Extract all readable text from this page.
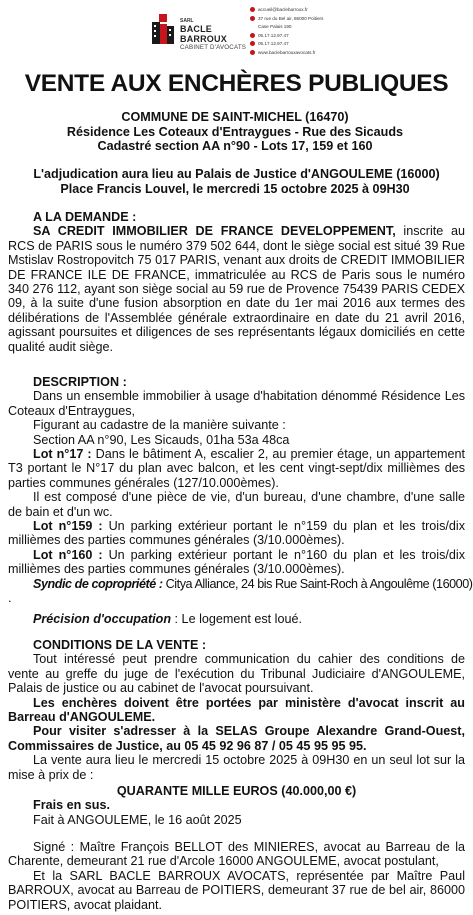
SARL
BACLE BARROUX
CABINET D'AVOCATS
accueil@baclebarroux.fr
37 rue du Bel air, 86000 Poitiers
Case Palais 190
05.17.12.97.47
05.17.12.97.47
www.baclebarrouxavocats.fr
VENTE AUX ENCHÈRES PUBLIQUES
COMMUNE DE SAINT-MICHEL (16470)
Résidence Les Coteaux d'Entraygues - Rue des Sicauds
Cadastré section AA n°90 - Lots 17, 159 et 160
L'adjudication aura lieu au Palais de Justice d'ANGOULEME (16000)
Place Francis Louvel, le mercredi 15 octobre 2025 à 09H30

A LA DEMANDE :

SA CREDIT IMMOBILIER DE FRANCE DEVELOPPEMENT, inscrite au RCS de PARIS sous le numéro 379 502 644, dont le siège social est situé 39 Rue Mstislav Rostropovitch 75 017 PARIS, venant aux droits de CREDIT IMMOBILIER DE FRANCE ILE DE FRANCE, immatriculée au RCS de Paris sous le numéro 340 276 112, ayant son siège social au 59 rue de Provence 75439 PARIS CEDEX 09, à la suite d'une fusion absorption en date du 1er mai 2016 aux termes des délibérations de l'Assemblée générale extraordinaire en date du 21 avril 2016, agissant poursuites et diligences de ses représentants légaux domiciliés en cette qualité audit siège.

DESCRIPTION :

Dans un ensemble immobilier à usage d'habitation dénommé Résidence Les Coteaux d'Entraygues,

Figurant au cadastre de la manière suivante :

Section AA n°90, Les Sicauds, 01ha 53a 48ca

Lot n°17 : Dans le bâtiment A, escalier 2, au premier étage, un appartement T3 portant le N°17 du plan avec balcon, et les cent vingt-sept/dix millièmes des parties communes générales (127/10.000èmes).

Il est composé d'une pièce de vie, d'un bureau, d'une chambre, d'une salle de bain et d'un wc.

Lot n°159 : Un parking extérieur portant le n°159 du plan et les trois/dix millièmes des parties communes générales (3/10.000èmes).

Lot n°160 : Un parking extérieur portant le n°160 du plan et les trois/dix millièmes des parties communes générales (3/10.000èmes).

Syndic de copropriété : Citya Alliance, 24 bis Rue Saint-Roch à Angoulême (16000)

.

Précision d'occupation : Le logement est loué.

CONDITIONS DE LA VENTE :

Tout intéressé peut prendre communication du cahier des conditions de vente au greffe du juge de l'exécution du Tribunal Judiciaire d'ANGOULEME, Palais de justice ou au cabinet de l'avocat poursuivant.

Les enchères doivent être portées par ministère d'avocat inscrit au Barreau d'ANGOULEME.

Pour visiter s'adresser à la SELAS Groupe Alexandre Grand-Ouest, Commissaires de Justice, au 05 45 92 96 87 / 05 45 95 95 95.

La vente aura lieu le mercredi 15 octobre 2025 à 09H30 en un seul lot sur la mise à prix de :

QUARANTE MILLE EUROS (40.000,00 €)

Frais en sus.

Fait à ANGOULEME, le 16 août 2025

Signé : Maître François BELLOT des MINIERES, avocat au Barreau de la Charente, demeurant 21 rue d'Arcole 16000 ANGOULEME, avocat postulant,

Et la SARL BACLE BARROUX AVOCATS, représentée par Maître Paul BARROUX, avocat au Barreau de POITIERS, demeurant 37 rue de bel air, 86000 POITIERS, avocat plaidant.
